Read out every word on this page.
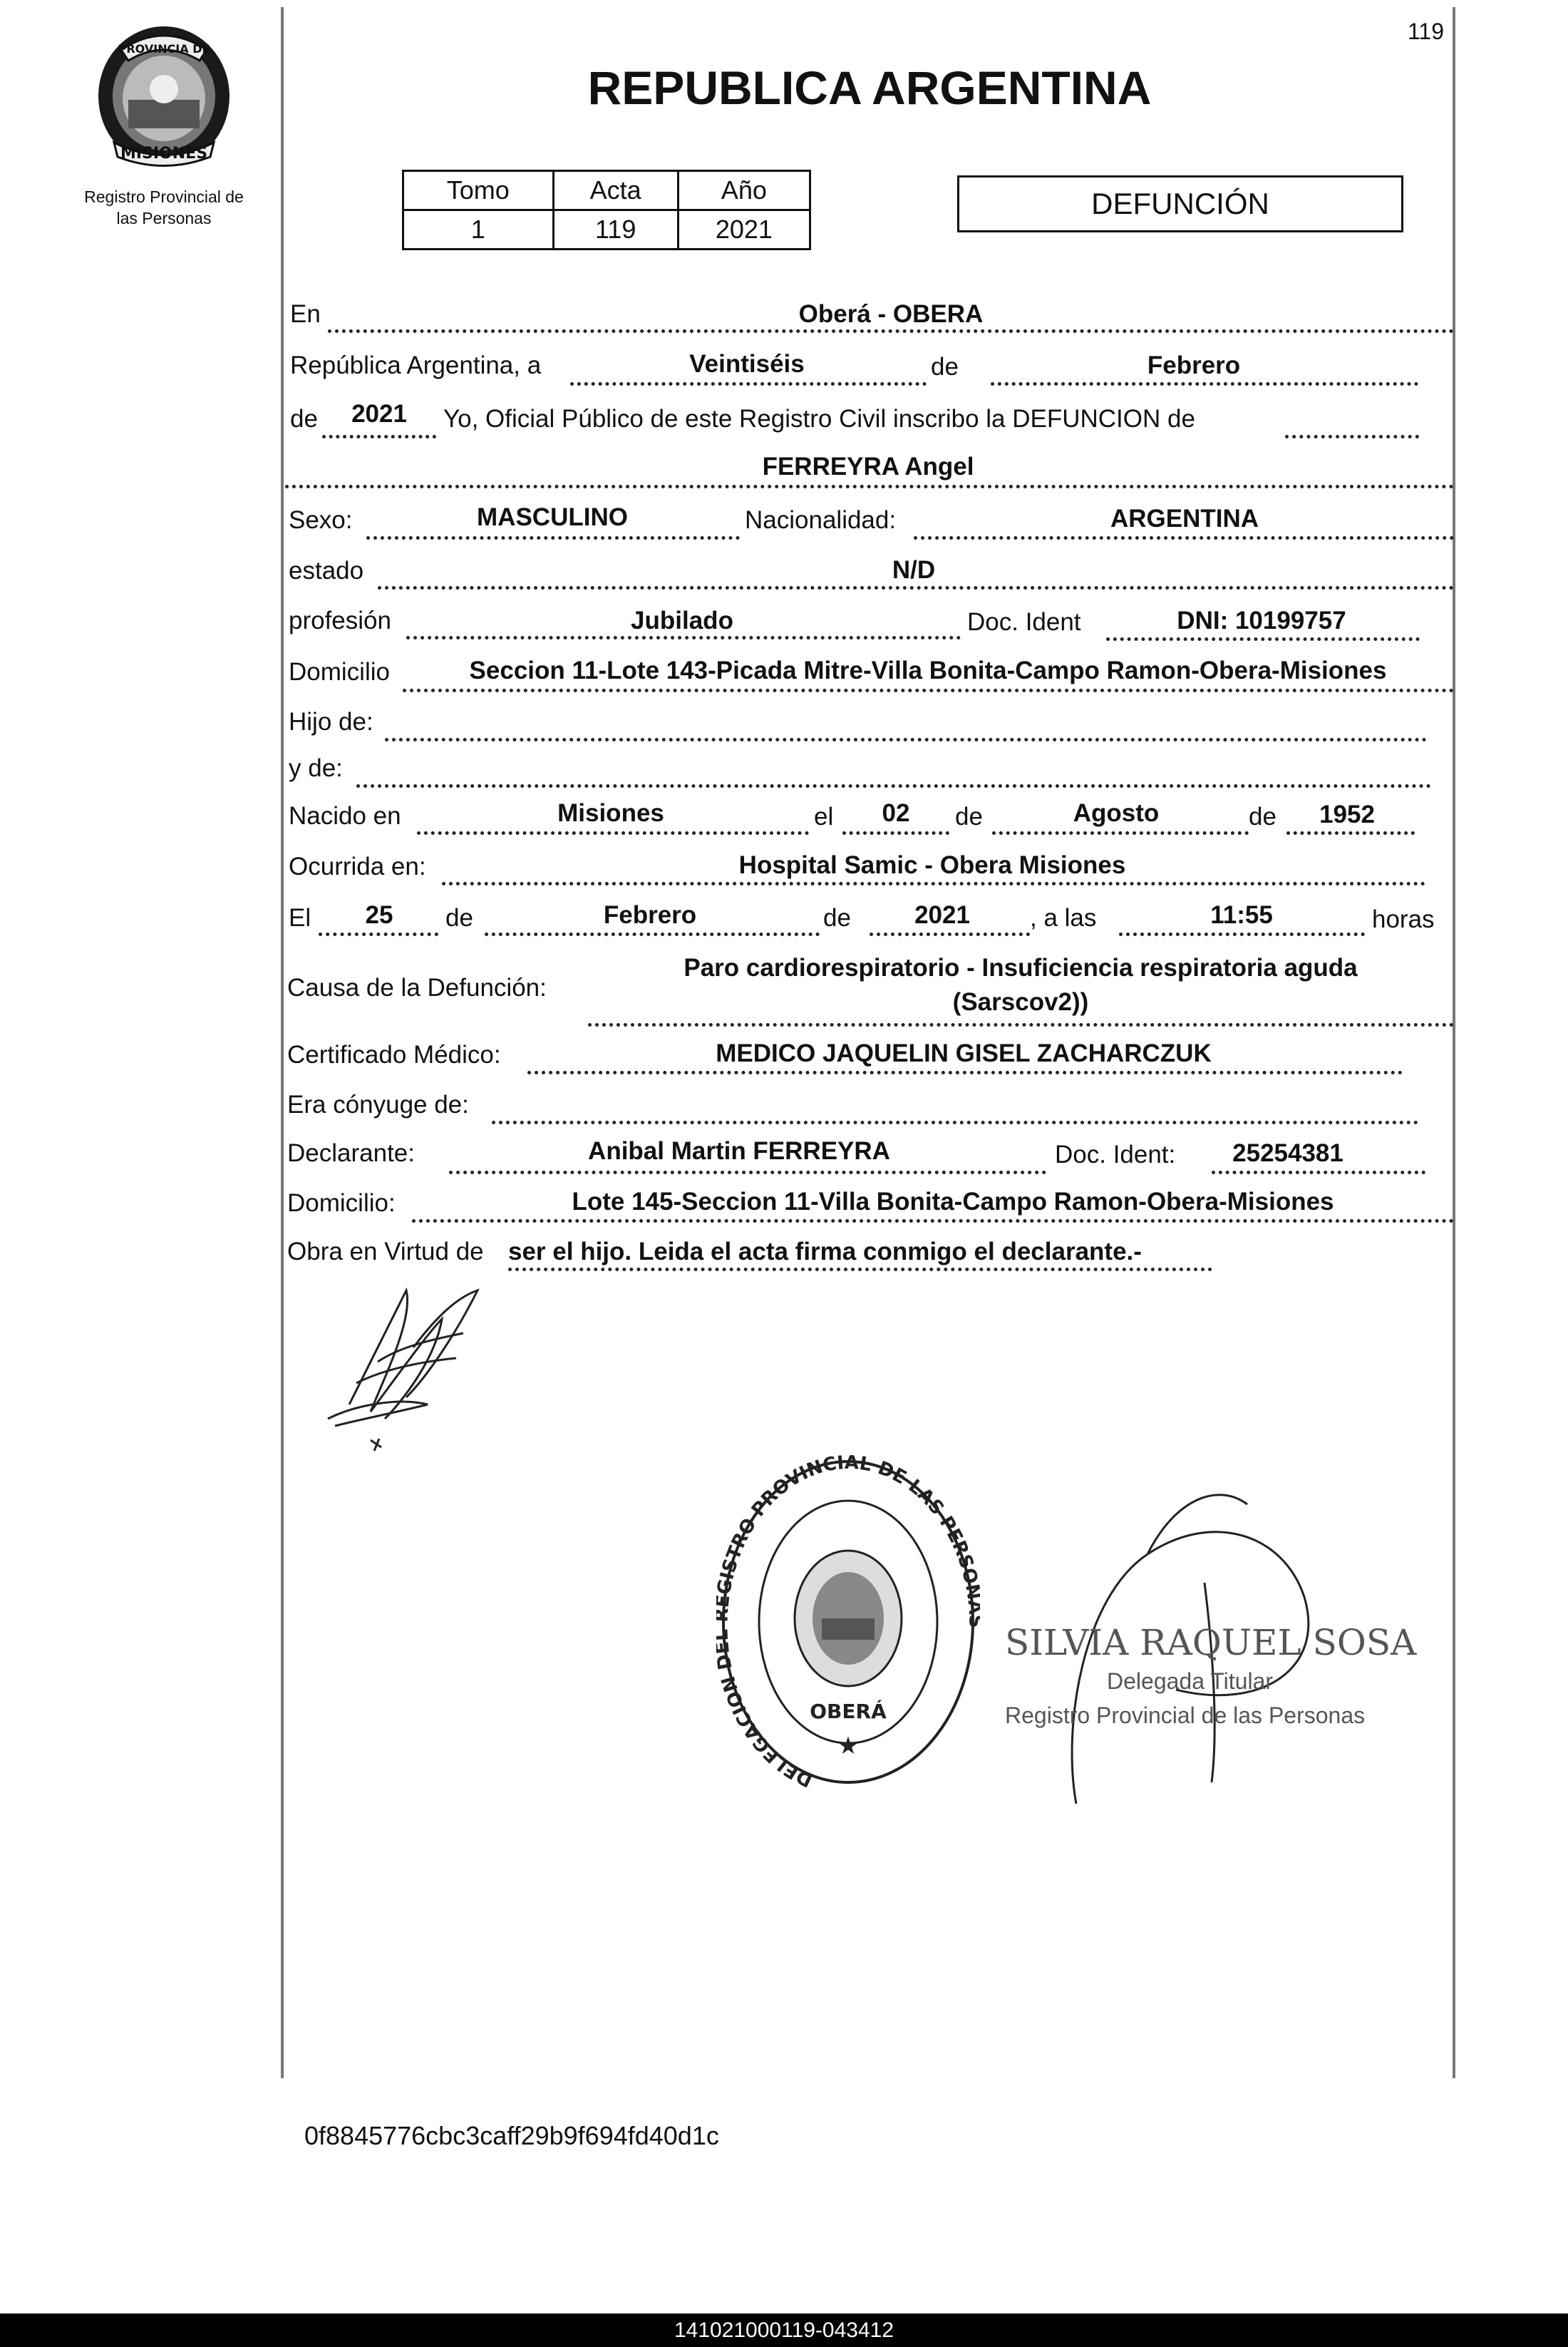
119
PROVINCIA DE
MISIONES
Registro Provincial de
las Personas
REPUBLICA ARGENTINA
Tomo	Acta	Año
1	119	2021
DEFUNCIÓN
En	Oberá - OBERA
República Argentina, a	Veintiséis	de	Febrero
de 2021 Yo, Oficial Público de este Registro Civil inscribo la DEFUNCION de
FERREYRA Angel
Sexo:	MASCULINO	Nacionalidad:	ARGENTINA
estado	N/D
profesión	Jubilado	Doc. Ident	DNI: 10199757
Domicilio	Seccion 11-Lote 143-Picada Mitre-Villa Bonita-Campo Ramon-Obera-Misiones
Hijo de:
y de:
Nacido en	Misiones	el 02 de	Agosto	de 1952
Ocurrida en:	Hospital Samic - Obera Misiones
El 25 de	Febrero	de	2021 , a las	11:55	horas
Causa de la Defunción:
Paro cardiorespiratorio - Insuficiencia respiratoria aguda
(Sarscov2))
Certificado Médico:	MEDICO JAQUELIN GISEL ZACHARCZUK
Era cónyuge de:
Declarante:	Anibal Martin FERREYRA	Doc. Ident: 25254381
Domicilio:	Lote 145-Seccion 11-Villa Bonita-Campo Ramon-Obera-Misiones
Obra en Virtud de ser el hijo. Leida el acta firma conmigo el declarante.-
DELEGACION ISTRO PROVINCIAL DE LAS PERSO
OBERÁ
★
SILVIA RAQUEL SOSA
Delegada Titular
Registro Provincial de las Personas
0f8845776cbc3caff29b9f694fd40d1c
141021000119-043412
